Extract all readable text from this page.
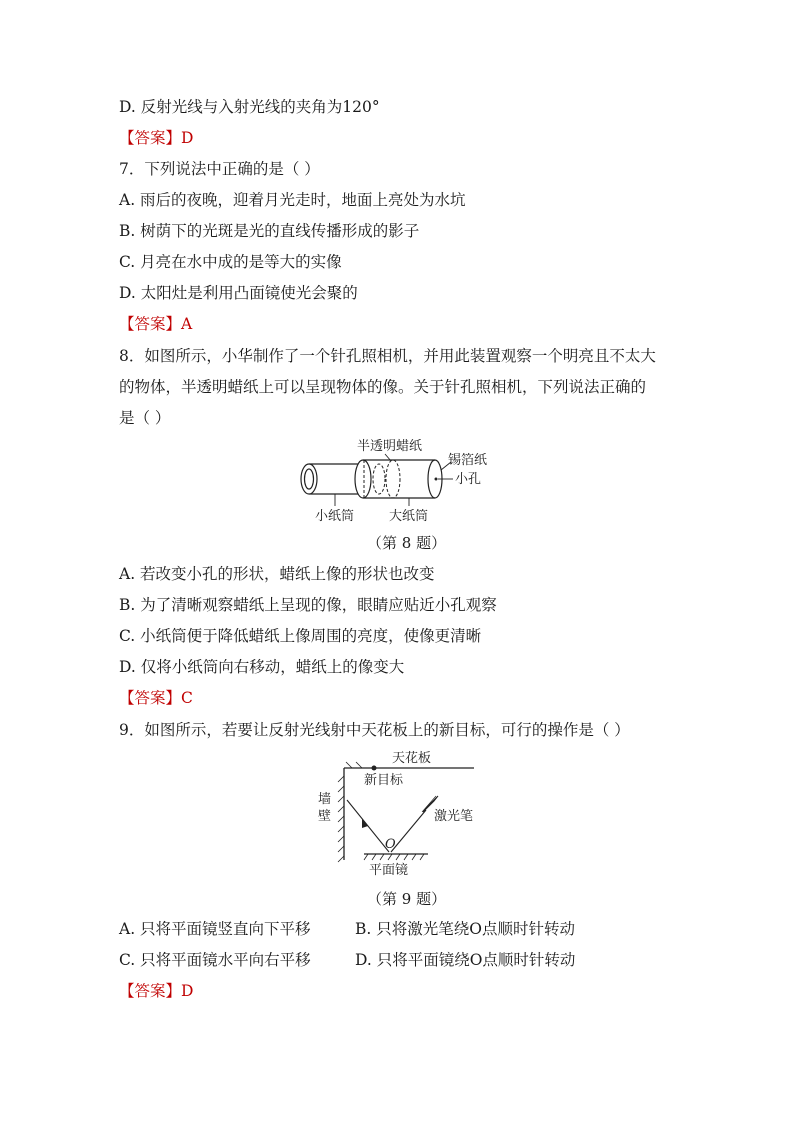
D. 反射光线与入射光线的夹角为120°
【答案】D
7．下列说法中正确的是（ ）
A. 雨后的夜晚，迎着月光走时，地面上亮处为水坑
B. 树荫下的光斑是光的直线传播形成的影子
C. 月亮在水中成的是等大的实像
D. 太阳灶是利用凸面镜使光会聚的
【答案】A
8．如图所示，小华制作了一个针孔照相机，并用此装置观察一个明亮且不太大
的物体，半透明蜡纸上可以呈现物体的像。关于针孔照相机，下列说法正确的
是（ ）
半透明蜡纸
锡箔纸
小孔
小纸筒	大纸筒
（第 8 题）
A. 若改变小孔的形状，蜡纸上像的形状也改变
B. 为了清晰观察蜡纸上呈现的像，眼睛应贴近小孔观察
C. 小纸筒便于降低蜡纸上像周围的亮度，使像更清晰
D. 仅将小纸筒向右移动，蜡纸上的像变大
【答案】C
9．如图所示，若要让反射光线射中天花板上的新目标，可行的操作是（ ）
天花板
新目标
墙
壁	激光笔
O
平面镜
（第 9 题）
A. 只将平面镜竖直向下平移	B. 只将激光笔绕O点顺时针转动
C. 只将平面镜水平向右平移	D. 只将平面镜绕O点顺时针转动
【答案】D
